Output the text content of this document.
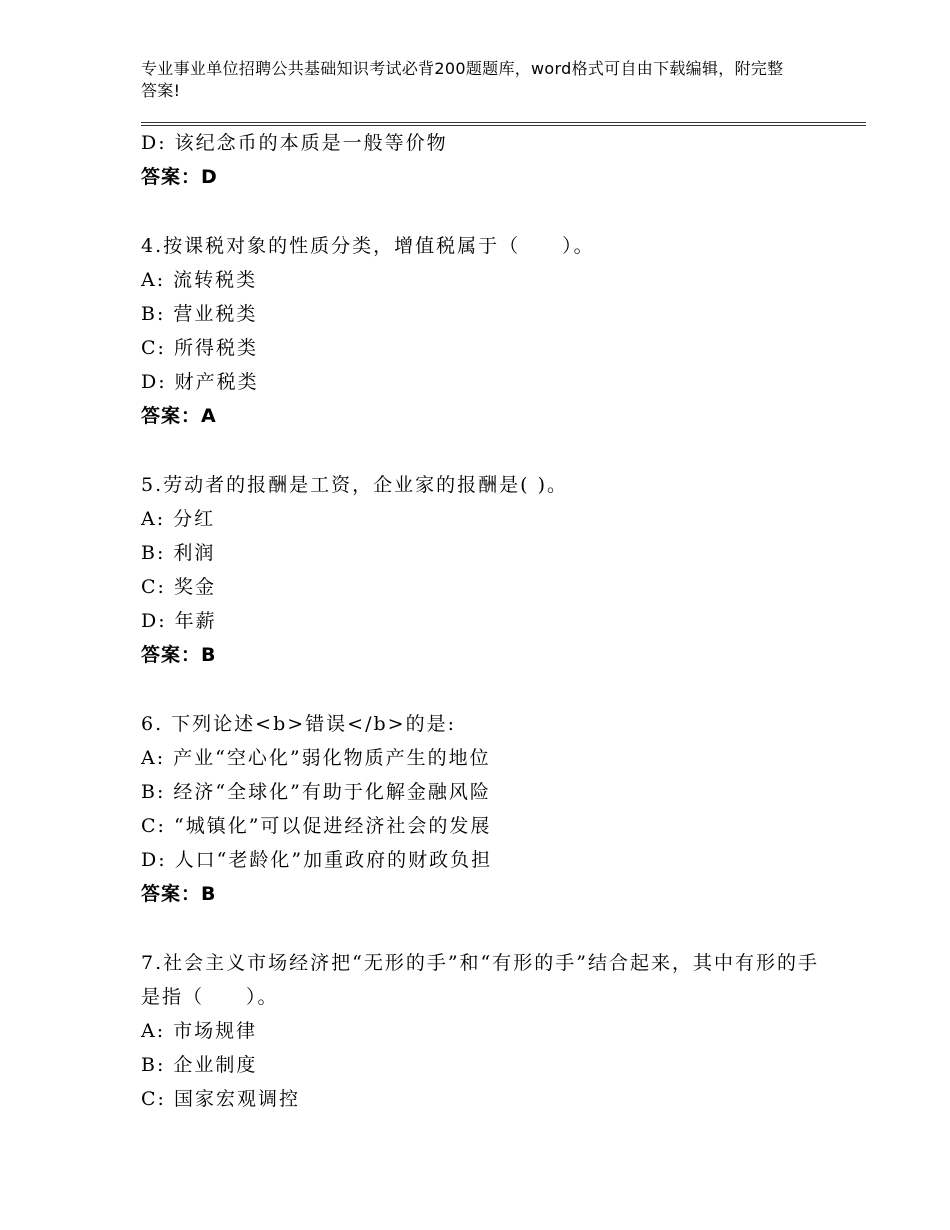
专业事业单位招聘公共基础知识考试必背200题题库，word格式可自由下载编辑，附完整答案!
D: 该纪念币的本质是一般等价物
答案：D
4.按课税对象的性质分类，增值税属于（　　）。
A: 流转税类
B: 营业税类
C: 所得税类
D: 财产税类
答案：A
5.劳动者的报酬是工资，企业家的报酬是( )。
A: 分红
B: 利润
C: 奖金
D: 年薪
答案：B
6. 下列论述<b>错误</b>的是:
A: 产业“空心化”弱化物质产生的地位
B: 经济“全球化”有助于化解金融风险
C: “城镇化”可以促进经济社会的发展
D: 人口“老龄化”加重政府的财政负担
答案：B
7.社会主义市场经济把“无形的手”和“有形的手”结合起来，其中有形的手是指（　　）。
A: 市场规律
B: 企业制度
C: 国家宏观调控
